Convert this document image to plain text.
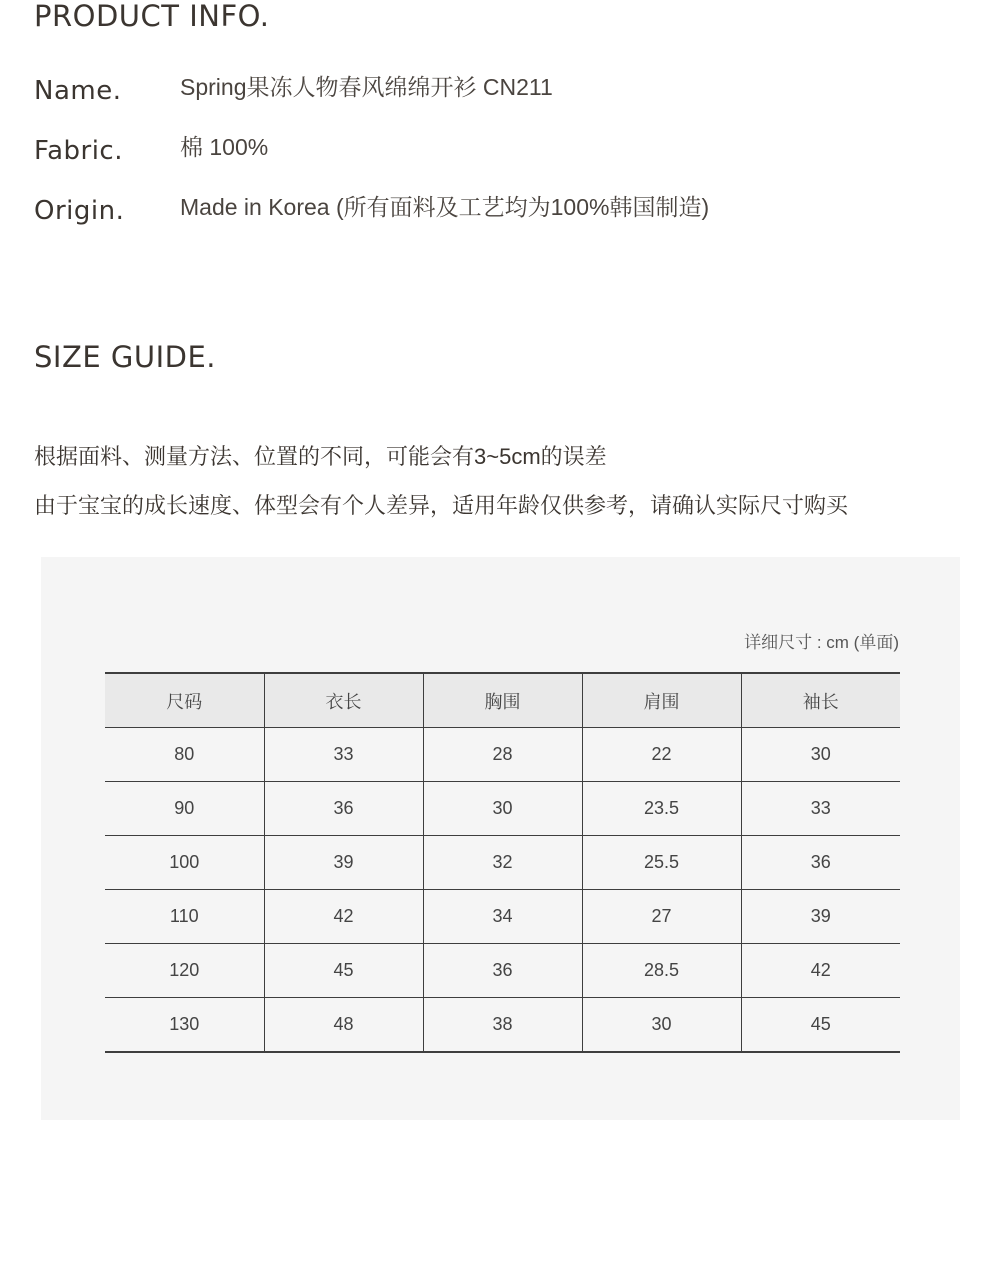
PRODUCT INFO.
Name.	Spring果冻人物春风绵绵开衫 CN211
Fabric. 棉 100%
Origin. Made in Korea (所有面料及工艺均为100%韩国制造)
SIZE GUIDE.

根据面料、测量方法、位置的不同，可能会有3~5cm的误差

由于宝宝的成长速度、体型会有个人差异，适用年龄仅供参考，请确认实际尺寸购买

详细尺寸 : cm (单面)
尺码	衣长	胸围	肩围	袖长
80	33	28	22	30
90	36	30	23.5	33
100	39	32	25.5	36
110	42	34	27	39
120	45	36	28.5	42
130	48	38	30	45
